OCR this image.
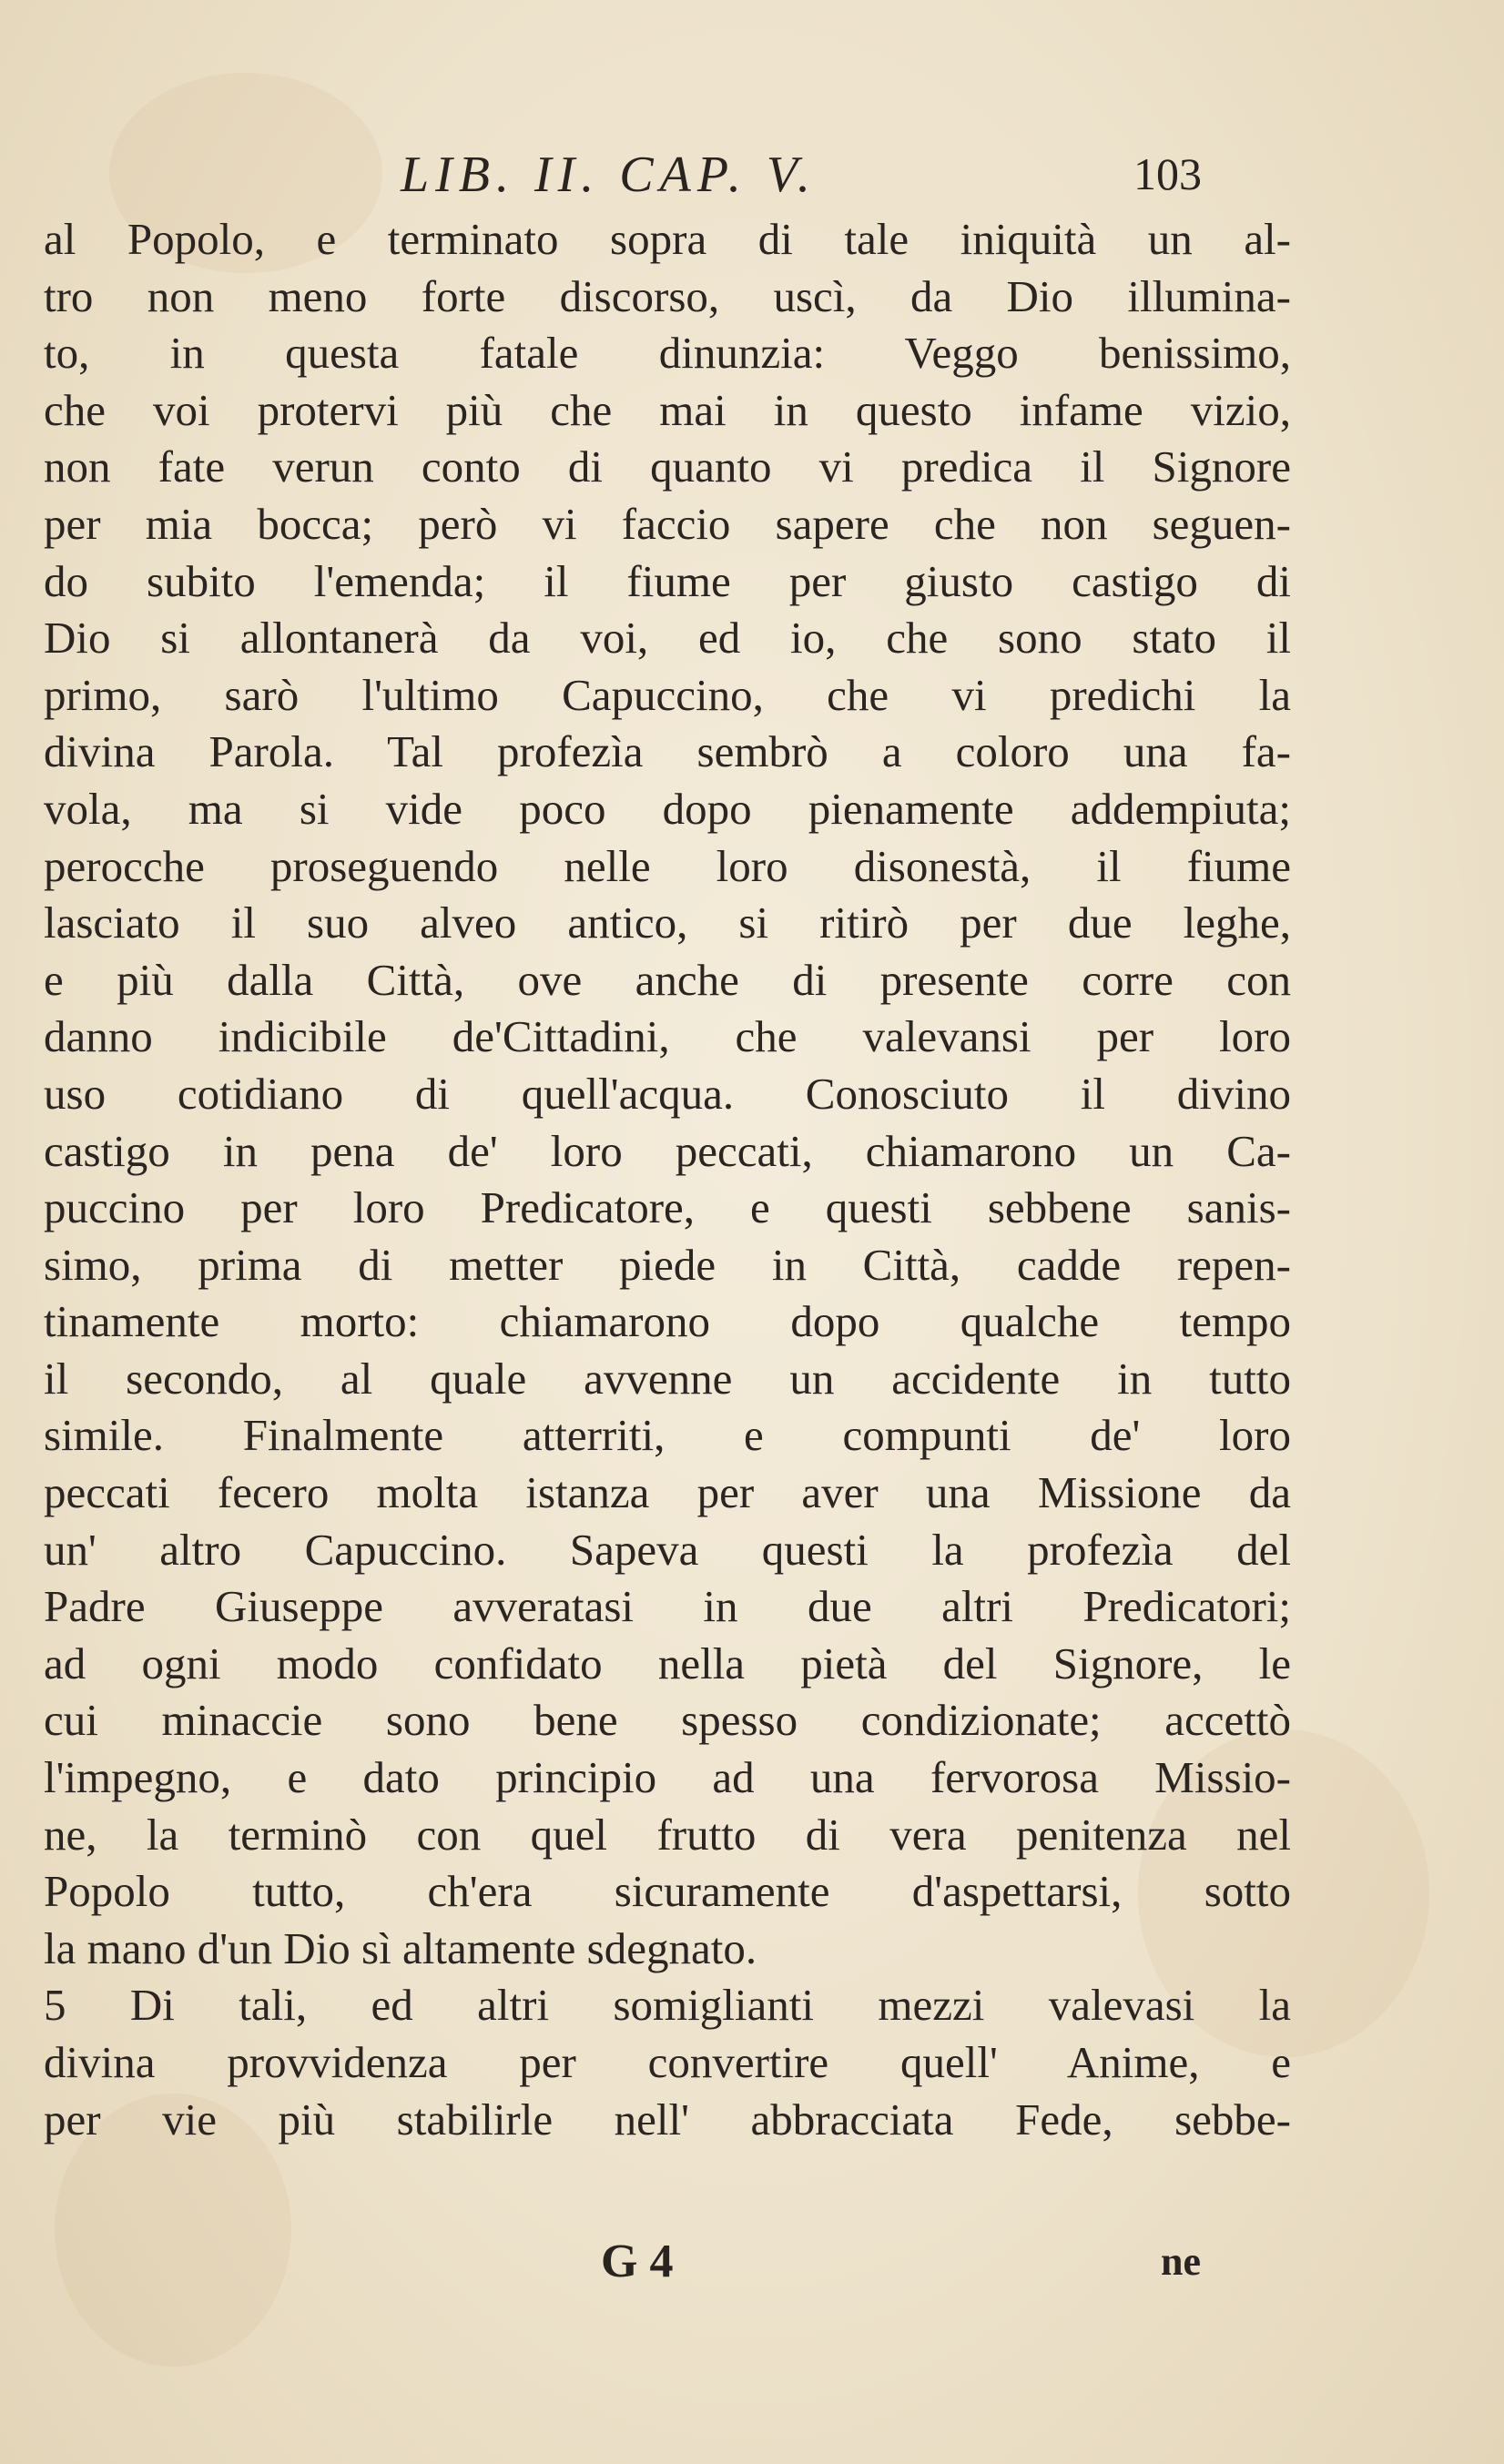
LIB. II. CAP. V.	103
al Popolo, e terminato sopra di tale iniquità un al-
tro non meno forte discorso, uscì, da Dio illumina-
to, in questa fatale dinunzia: Veggo benissimo,
che voi protervi più che mai in questo infame vizio,
non fate verun conto di quanto vi predica il Signore
per mia bocca; però vi faccio sapere che non seguen-
do subito l'emenda; il fiume per giusto castigo di
Dio si allontanerà da voi, ed io, che sono stato il
primo, sarò l'ultimo Capuccino, che vi predichi la
divina Parola. Tal profezìa sembrò a coloro una fa-
vola, ma si vide poco dopo pienamente addempiuta;
perocche proseguendo nelle loro disonestà, il fiume
lasciato il suo alveo antico, si ritirò per due leghe,
e più dalla Città, ove anche di presente corre con
danno indicibile de'Cittadini, che valevansi per loro
uso cotidiano di quell'acqua. Conosciuto il divino
castigo in pena de' loro peccati, chiamarono un Ca-
puccino per loro Predicatore, e questi sebbene sanis-
simo, prima di metter piede in Città, cadde repen-
tinamente morto: chiamarono dopo qualche tempo
il secondo, al quale avvenne un accidente in tutto
simile. Finalmente atterriti, e compunti de' loro
peccati fecero molta istanza per aver una Missione da
un' altro Capuccino. Sapeva questi la profezìa del
Padre Giuseppe avveratasi in due altri Predicatori;
ad ogni modo confidato nella pietà del Signore, le
cui minaccie sono bene spesso condizionate; accettò
l'impegno, e dato principio ad una fervorosa Missio-
ne, la terminò con quel frutto di vera penitenza nel
Popolo tutto, ch'era sicuramente d'aspettarsi, sotto
la mano d'un Dio sì altamente sdegnato.
5 Di tali, ed altri somiglianti mezzi valevasi la
divina provvidenza per convertire quell' Anime, e
per vie più stabilirle nell' abbracciata Fede, sebbe-
G 4	ne
